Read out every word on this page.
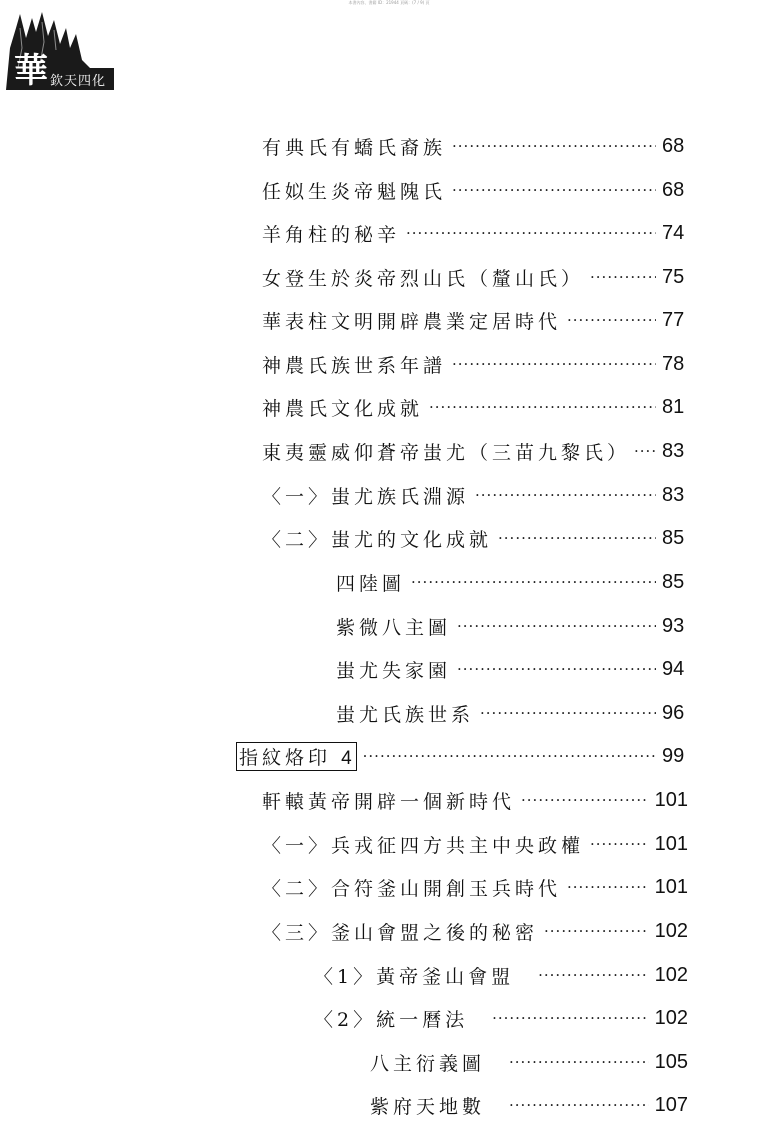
本書內容、書籍 ID：21944 頁碼：(7 / 9) 頁
華 欽天四化
有典氏有蟜氏裔族 ·····	68
任姒生炎帝魁隗氏 ·····	68
羊角柱的秘辛 ·····	74
女登生於炎帝烈山氏（釐山氏） ·····	75
華表柱文明開辟農業定居時代 ·····	77
神農氏族世系年譜 ·····	78
神農氏文化成就 ·····	81
東夷靈威仰蒼帝蚩尤（三苗九黎氏） ····· 83
〈一〉蚩尤族氏淵源 ·····	83
〈二〉蚩尤的文化成就 ·····	85
四陸圖 ·····	85
紫微八主圖 ·····	93
蚩尤失家園 ·····	94
蚩尤氏族世系 ·····	96
指紋烙印 4 ·····	99
軒轅黃帝開辟一個新時代 ·····	101
〈一〉兵戎征四方共主中央政權 ·····	101
〈二〉合符釜山開創玉兵時代 ·····	101
〈三〉釜山會盟之後的秘密 ·····	102
〈1〉黃帝釜山會盟 ·····	102
〈2〉統一曆法 ·····	102
八主衍義圖 ·····	105
紫府天地數 ·····	107
